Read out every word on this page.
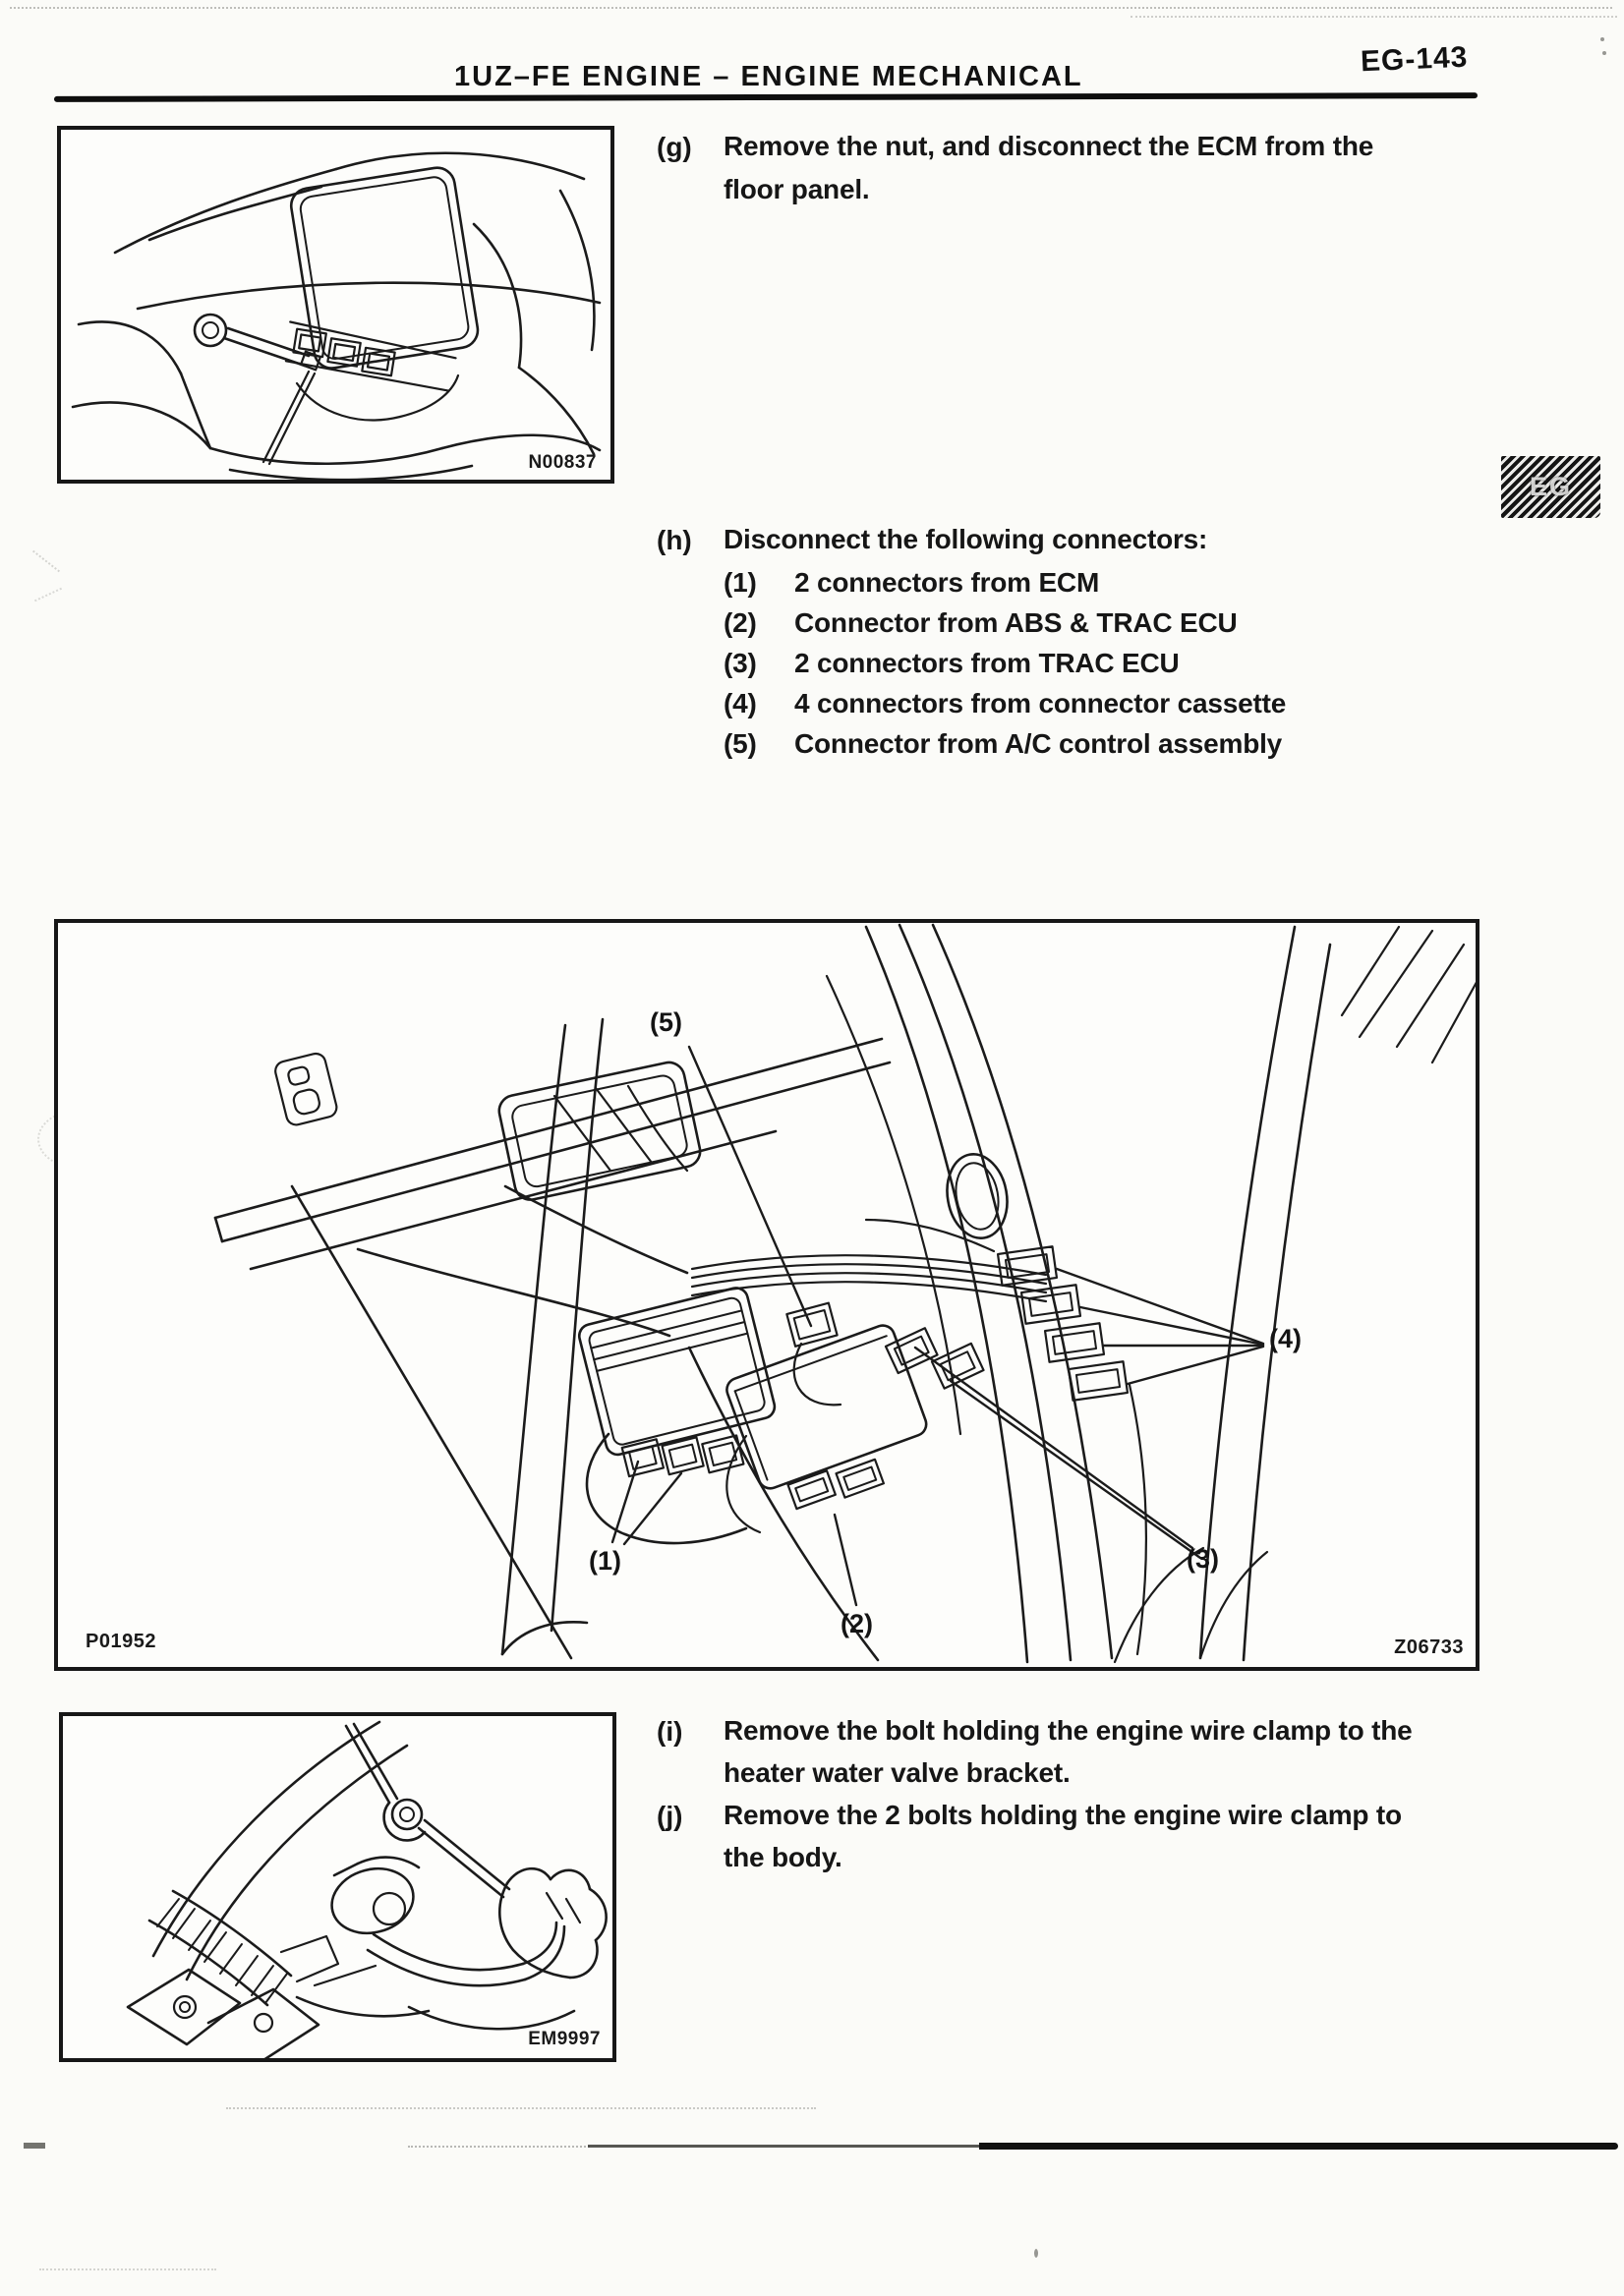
1UZ–FE ENGINE – ENGINE MECHANICAL	EG-143
N00837
(g) Remove the nut, and disconnect the ECM from the
floor panel.
EG
(h) Disconnect the following connectors:
(1) 2 connectors from ECM
(2) Connector from ABS & TRAC ECU
(3) 2 connectors from TRAC ECU
(4) 4 connectors from connector cassette
(5) Connector from A/C control assembly
(5)
(1)
(2)
(3)
(4)
P01952	Z06733
EM9997
(i) Remove the bolt holding the engine wire clamp to the
heater water valve bracket.
(j) Remove the 2 bolts holding the engine wire clamp to
the body.
